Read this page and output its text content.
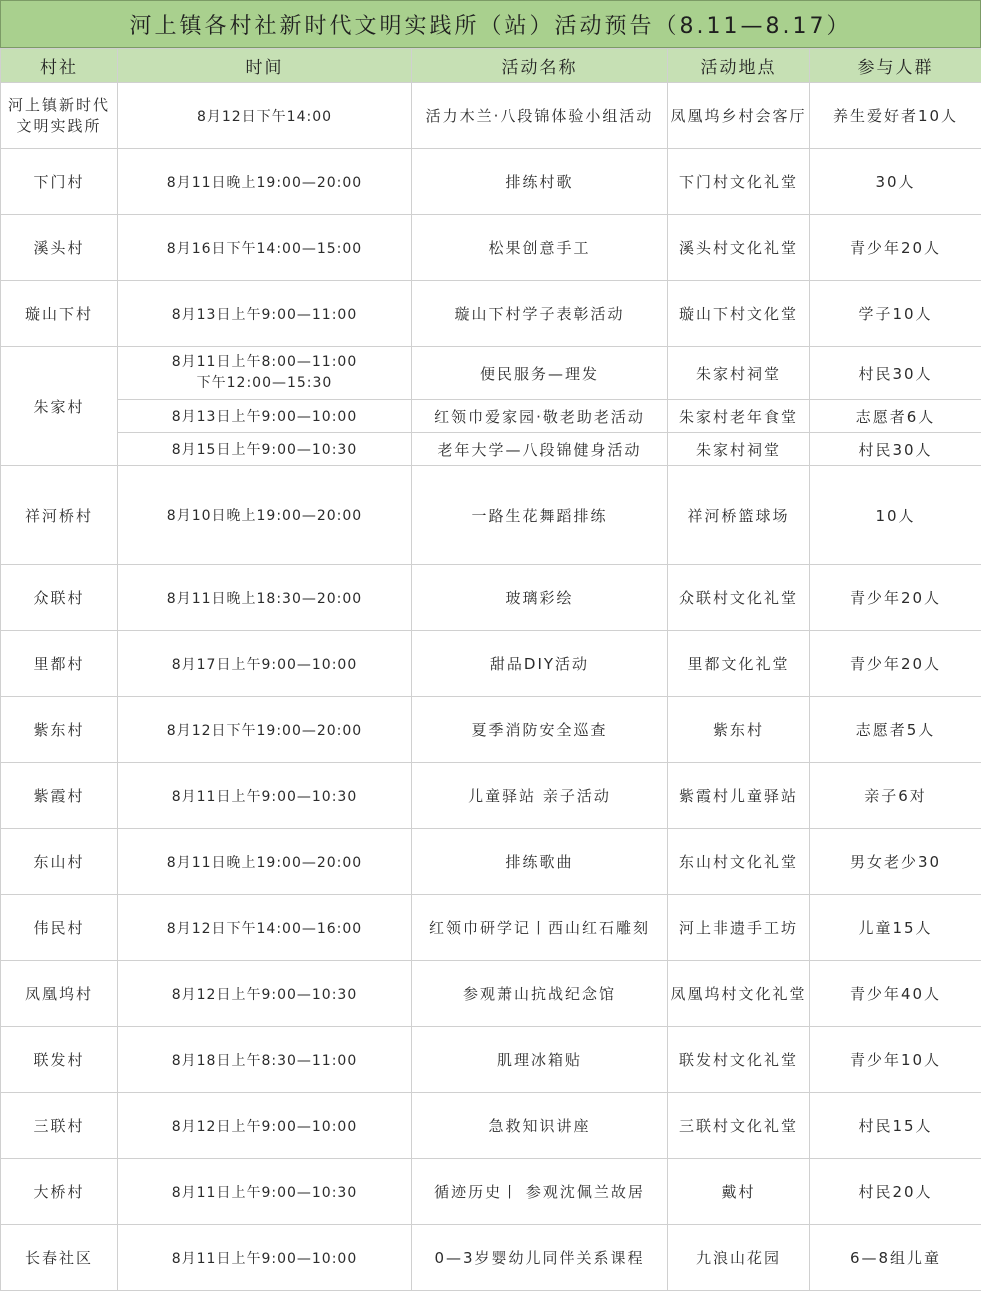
河上镇各村社新时代文明实践所（站）活动预告（8.11—8.17）
村社	时间	活动名称	活动地点	参与人群

河上镇新时代
文明实践所	8月12日下午14:00	活力木兰·八段锦体验小组活动	凤凰坞乡村会客厅	养生爱好者10人
下门村	8月11日晚上19:00—20:00	排练村歌	下门村文化礼堂	30人
溪头村	8月16日下午14:00—15:00	松果创意手工	溪头村文化礼堂	青少年20人
璇山下村	8月13日上午9:00—11:00	璇山下村学子表彰活动	璇山下村文化堂	学子10人
朱家村	8月11日上午8:00—11:00
下午12:00—15:30	便民服务—理发	朱家村祠堂	村民30人
	8月13日上午9:00—10:00	红领巾爱家园·敬老助老活动	朱家村老年食堂	志愿者6人
	8月15日上午9:00—10:30	老年大学—八段锦健身活动	朱家村祠堂	村民30人
祥河桥村	8月10日晚上19:00—20:00	一路生花舞蹈排练	祥河桥篮球场	10人
众联村	8月11日晚上18:30—20:00	玻璃彩绘	众联村文化礼堂	青少年20人
里都村	8月17日上午9:00—10:00	甜品DIY活动	里都文化礼堂	青少年20人
紫东村	8月12日下午19:00—20:00	夏季消防安全巡查	紫东村	志愿者5人
紫霞村	8月11日上午9:00—10:30	儿童驿站 亲子活动	紫霞村儿童驿站	亲子6对
东山村	8月11日晚上19:00—20:00	排练歌曲	东山村文化礼堂	男女老少30
伟民村	8月12日下午14:00—16:00	红领巾研学记丨西山红石雕刻	河上非遗手工坊	儿童15人
凤凰坞村	8月12日上午9:00—10:30	参观萧山抗战纪念馆	凤凰坞村文化礼堂	青少年40人
联发村	8月18日上午8:30—11:00	肌理冰箱贴	联发村文化礼堂	青少年10人
三联村	8月12日上午9:00—10:00	急救知识讲座	三联村文化礼堂	村民15人
大桥村	8月11日上午9:00—10:30	循迹历史丨 参观沈佩兰故居	戴村	村民20人
长春社区	8月11日上午9:00—10:00	0—3岁婴幼儿同伴关系课程	九浪山花园	6—8组儿童
